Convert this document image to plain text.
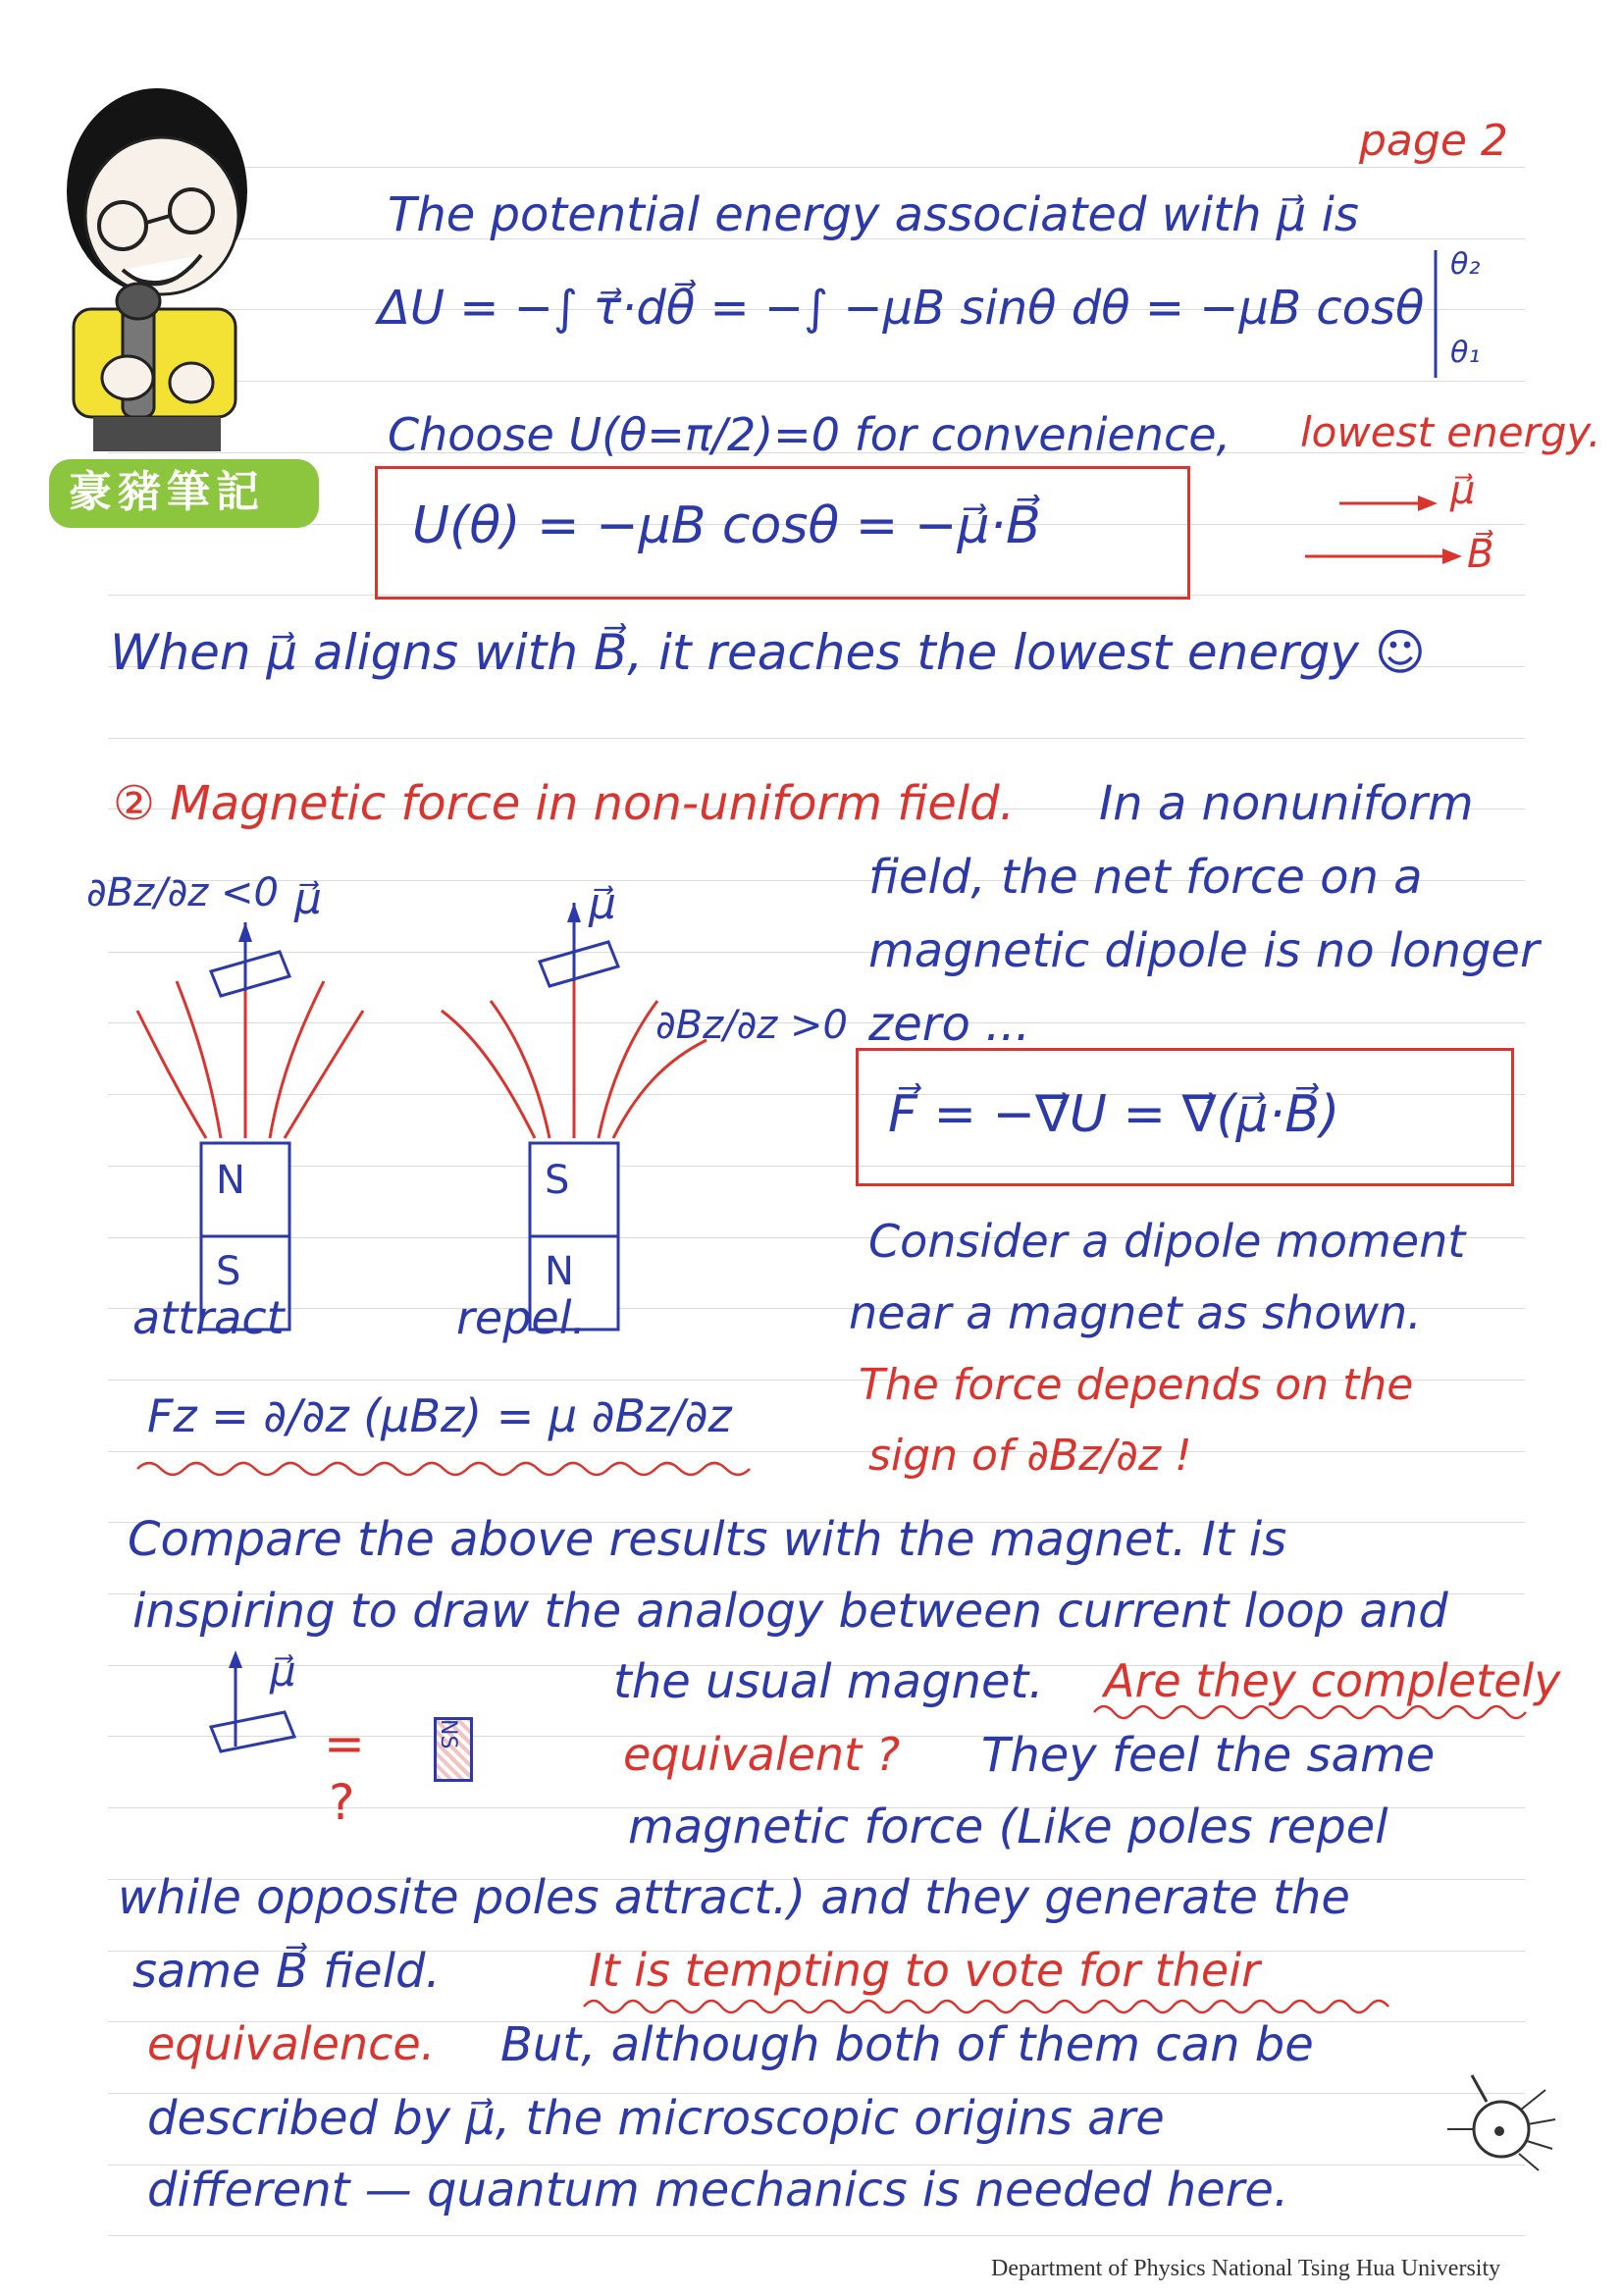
豪豬筆記
page 2
The potential energy associated with μ⃗ is
ΔU = −∫ τ⃗·dθ⃗ = −∫ −μB sinθ dθ = −μB cosθ
θ₂
θ₁
Choose U(θ=π/2)=0 for convenience, lowest energy.
μ⃗
B⃗
U(θ) = −μB cosθ = −μ⃗·B⃗
When μ⃗ aligns with B⃗, it reaches the lowest energy ☺
② Magnetic force in non-uniform field. In a nonuniform
field, the net force on a
magnetic dipole is no longer
zero ...
F⃗ = −∇⃗U = ∇⃗(μ⃗·B⃗)
Consider a dipole moment
near a magnet as shown.
The force depends on the
sign of ∂Bz/∂z !
∂Bz/∂z <0 μ⃗	μ⃗
∂Bz/∂z >0
N
S
S
N
attract	repel.
Fz = ∂/∂z (μBz) = μ ∂Bz/∂z
Compare the above results with the magnet. It is
inspiring to draw the analogy between current loop and
μ⃗
=
?
NS
the usual magnet. Are they completely
equivalent ? They feel the same
magnetic force (Like poles repel
while opposite poles attract.) and they generate the
same B⃗ field.	It is tempting to vote for their
equivalence. But, although both of them can be
described by μ⃗, the microscopic origins are
different — quantum mechanics is needed here.
Department of Physics National Tsing Hua University
